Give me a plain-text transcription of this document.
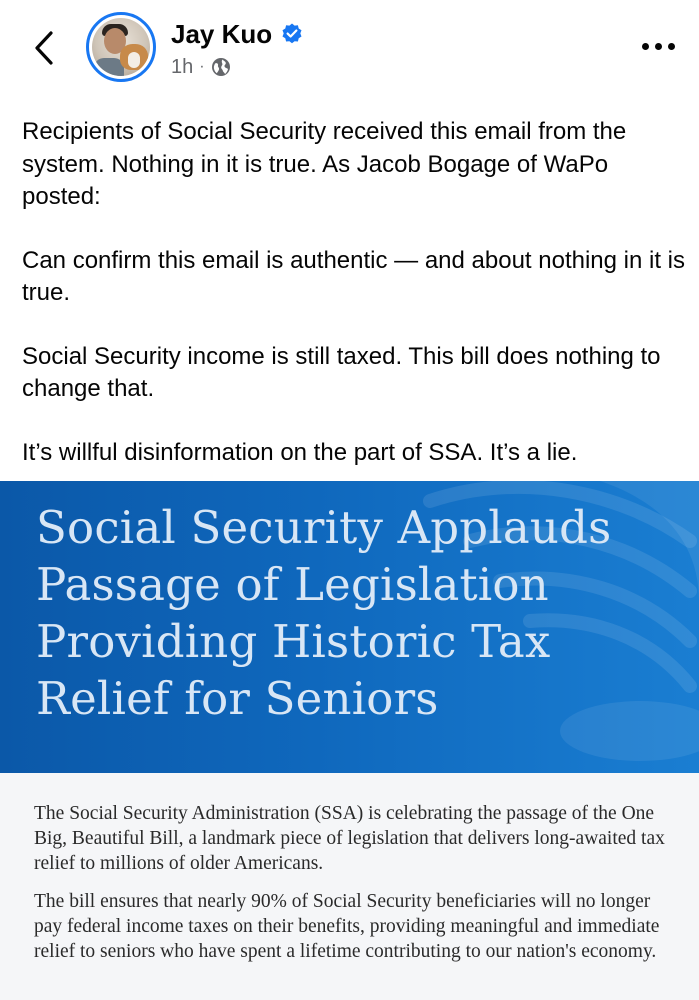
Jay Kuo
1h ·

Recipients of Social Security received this email from the system. Nothing in it is true. As Jacob Bogage of WaPo posted:

Can confirm this email is authentic — and about nothing in it is true.

Social Security income is still taxed. This bill does nothing to change that.

It’s willful disinformation on the part of SSA. It’s a lie.

Social Security Applauds
Passage of Legislation
Providing Historic Tax
Relief for Seniors

The Social Security Administration (SSA) is celebrating the passage of the One Big, Beautiful Bill, a landmark piece of legislation that delivers long-awaited tax relief to millions of older Americans.

The bill ensures that nearly 90% of Social Security beneficiaries will no longer pay federal income taxes on their benefits, providing meaningful and immediate relief to seniors who have spent a lifetime contributing to our nation's economy.
